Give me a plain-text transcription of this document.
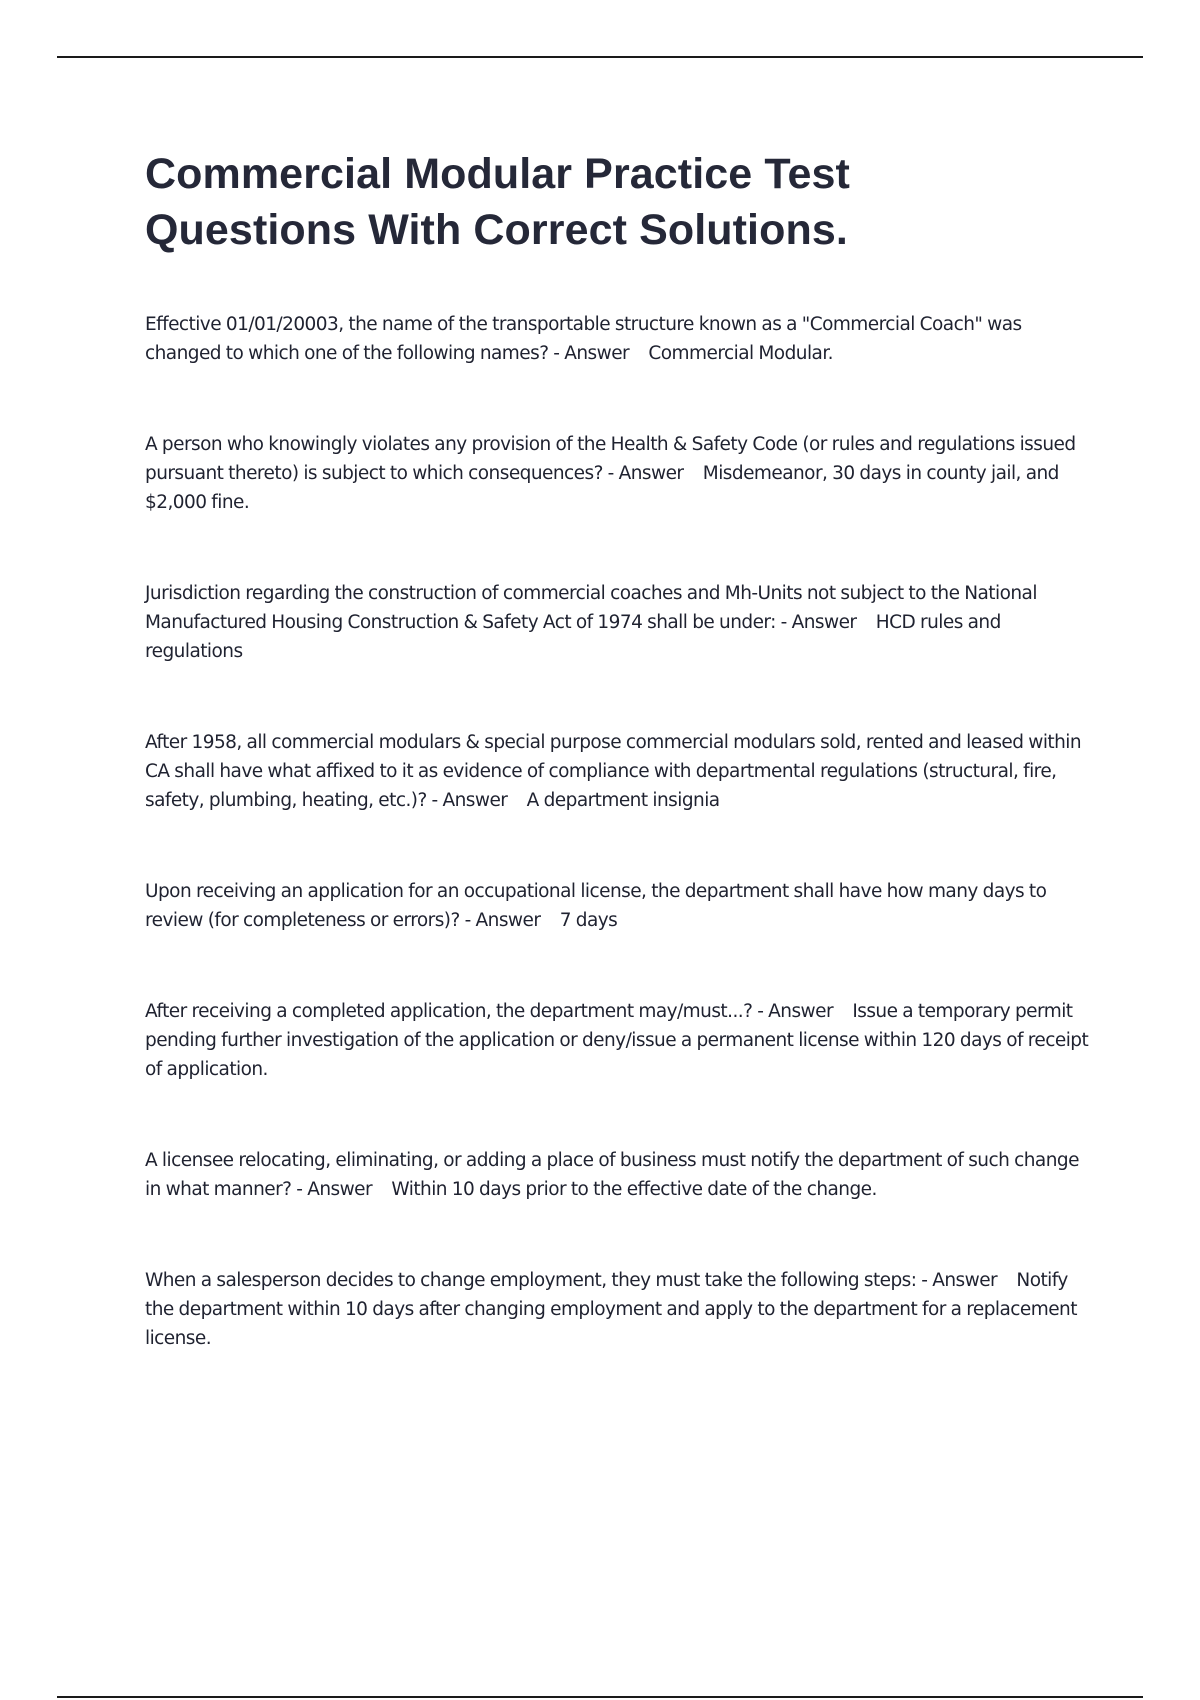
Commercial Modular Practice Test
Questions With Correct Solutions.

Effective 01/01/20003, the name of the transportable structure known as a "Commercial Coach" was changed to which one of the following names? - Answer    Commercial Modular.

A person who knowingly violates any provision of the Health & Safety Code (or rules and regulations issued pursuant thereto) is subject to which consequences? - Answer    Misdemeanor, 30 days in county jail, and $2,000 fine.

Jurisdiction regarding the construction of commercial coaches and Mh-Units not subject to the National Manufactured Housing Construction & Safety Act of 1974 shall be under: - Answer    HCD rules and regulations

After 1958, all commercial modulars & special purpose commercial modulars sold, rented and leased within CA shall have what affixed to it as evidence of compliance with departmental regulations (structural, fire, safety, plumbing, heating, etc.)? - Answer    A department insignia

Upon receiving an application for an occupational license, the department shall have how many days to review (for completeness or errors)? - Answer    7 days

After receiving a completed application, the department may/must...? - Answer    Issue a temporary permit pending further investigation of the application or deny/issue a permanent license within 120 days of receipt of application.

A licensee relocating, eliminating, or adding a place of business must notify the department of such change in what manner? - Answer    Within 10 days prior to the effective date of the change.

When a salesperson decides to change employment, they must take the following steps: - Answer    Notify the department within 10 days after changing employment and apply to the department for a replacement license.
